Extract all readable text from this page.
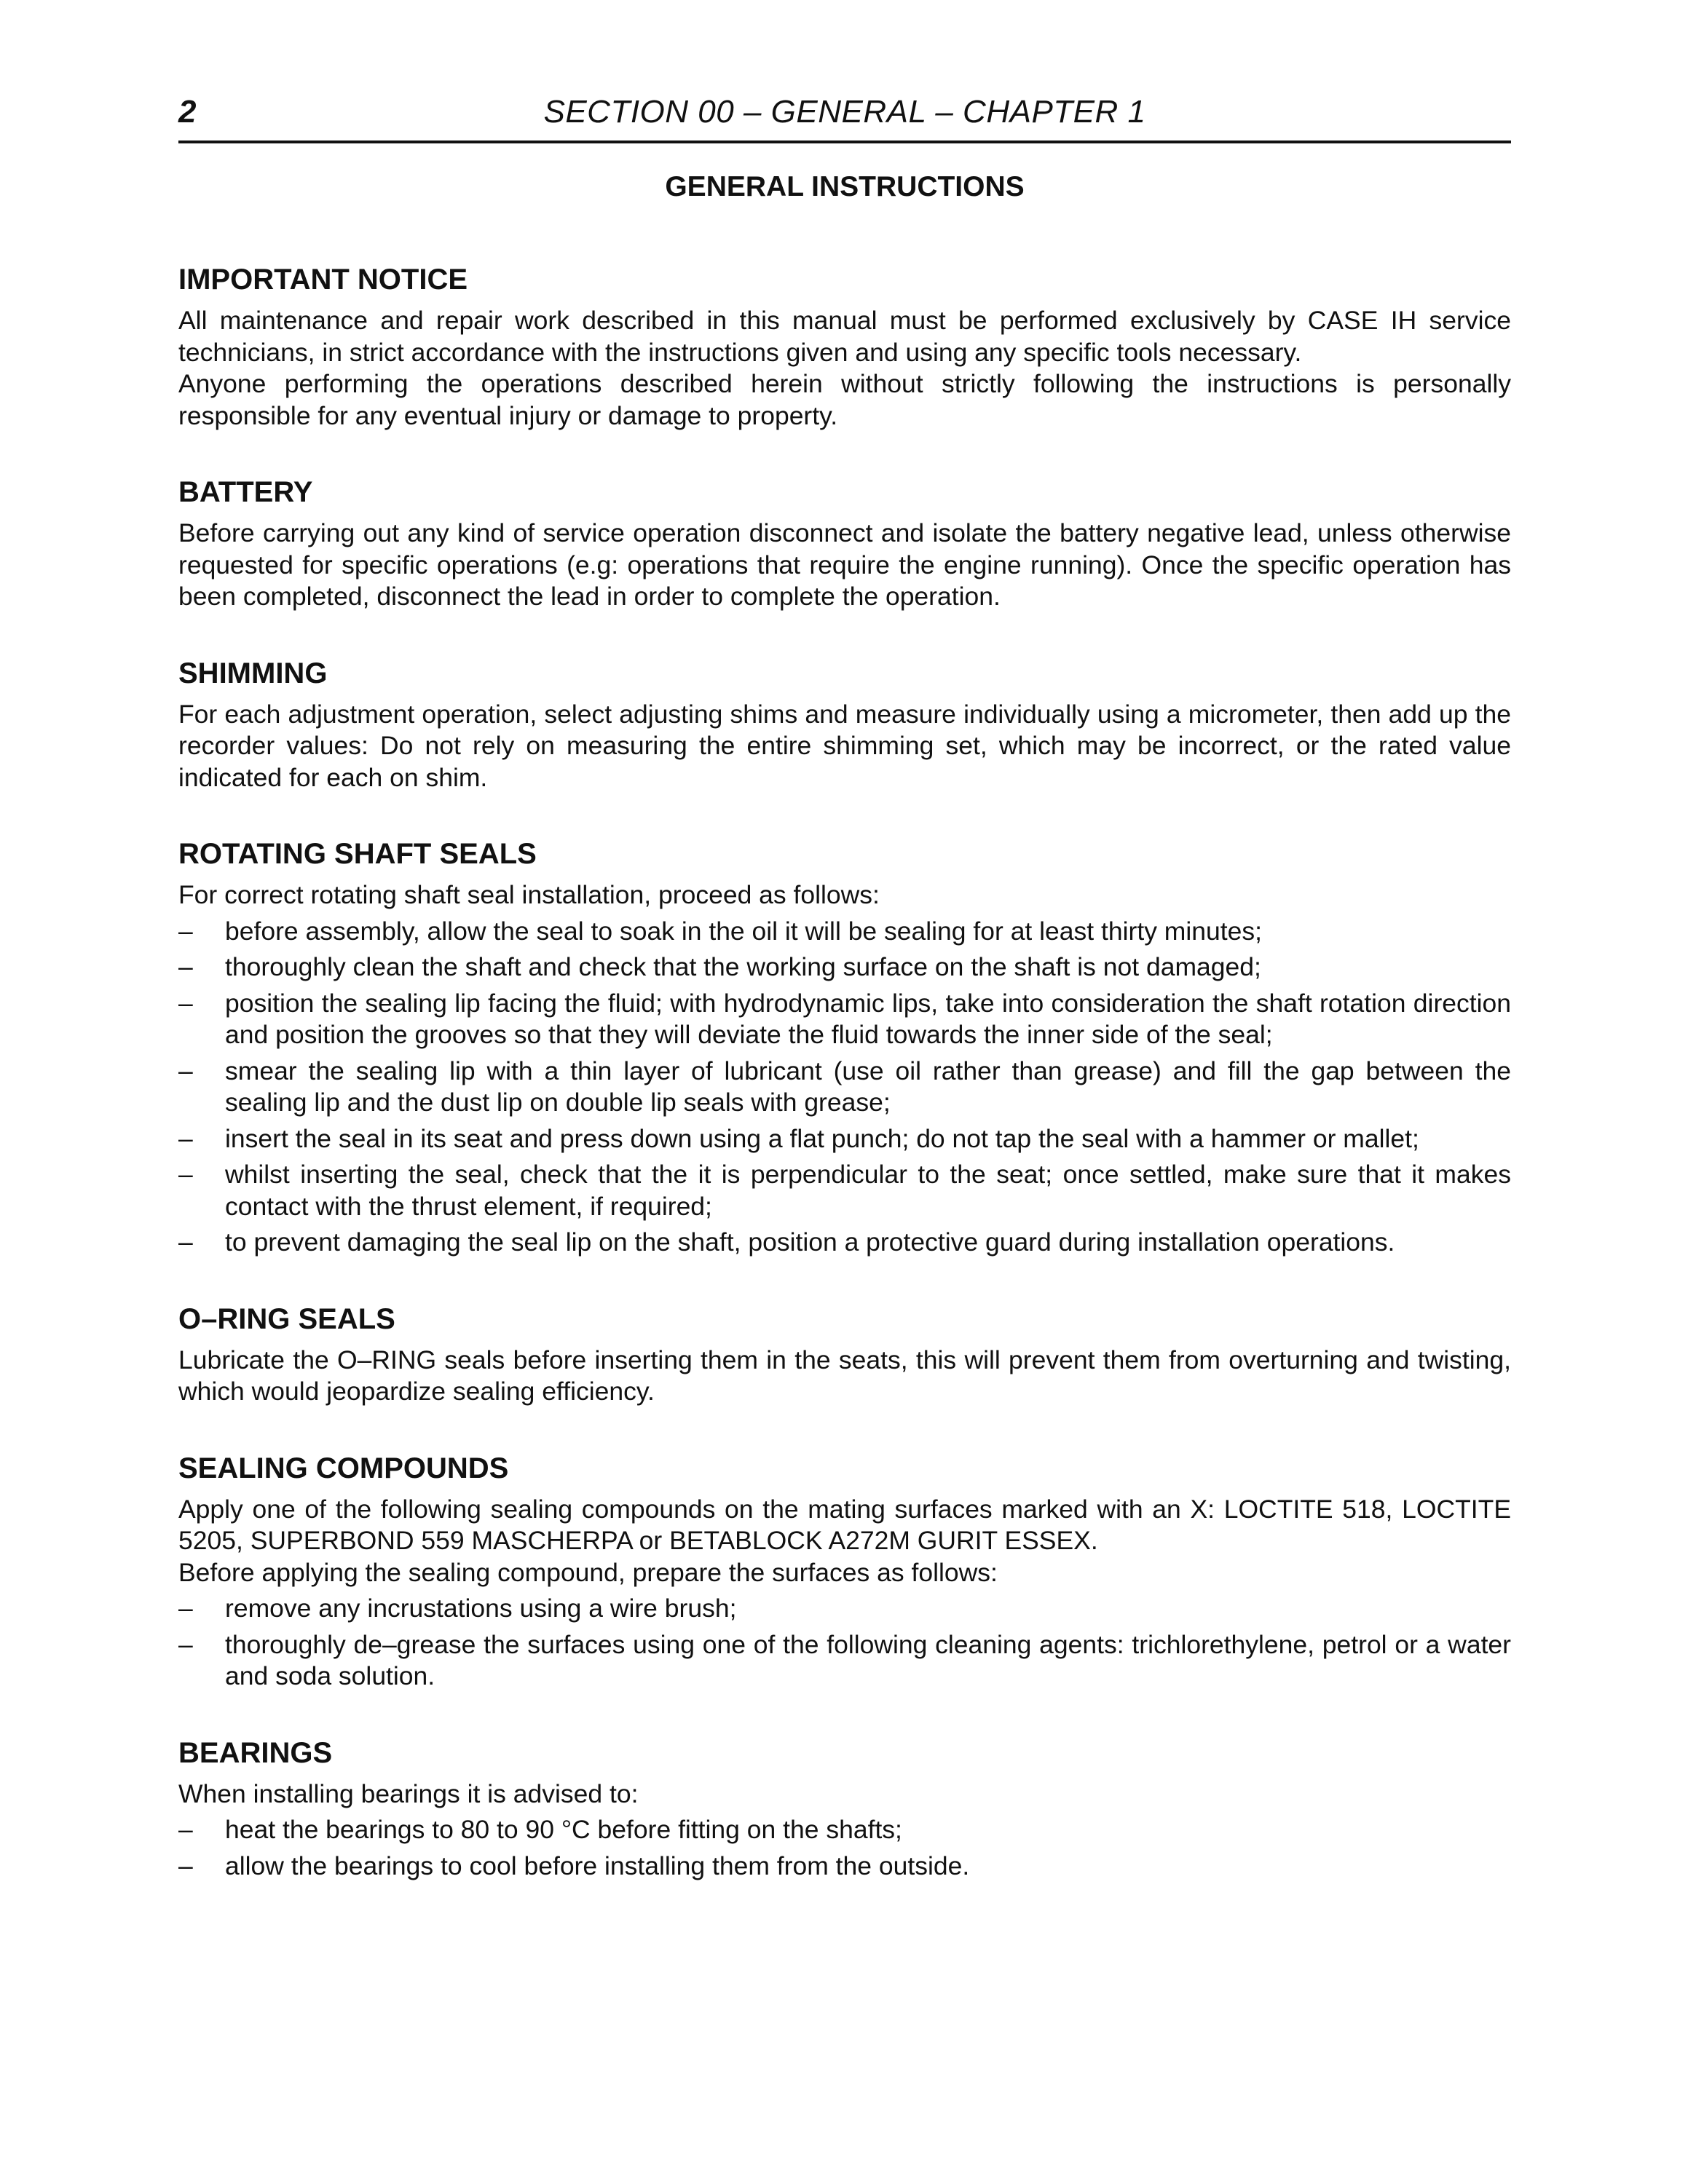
2	SECTION 00 – GENERAL – CHAPTER 1
GENERAL INSTRUCTIONS
IMPORTANT NOTICE

All maintenance and repair work described in this manual must be performed exclusively by CASE IH service technicians, in strict accordance with the instructions given and using any specific tools necessary.

Anyone performing the operations described herein without strictly following the instructions is personally responsible for any eventual injury or damage to property.

BATTERY

Before carrying out any kind of service operation disconnect and isolate the battery negative lead, unless otherwise requested for specific operations (e.g: operations that require the engine running). Once the specific operation has been completed, disconnect the lead in order to complete the operation.

SHIMMING

For each adjustment operation, select adjusting shims and measure individually using a micrometer, then add up the recorder values: Do not rely on measuring the entire shimming set, which may be incorrect, or the rated value indicated for each on shim.

ROTATING SHAFT SEALS

For correct rotating shaft seal installation, proceed as follows:

– before assembly, allow the seal to soak in the oil it will be sealing for at least thirty minutes;
– thoroughly clean the shaft and check that the working surface on the shaft is not damaged;
– position the sealing lip facing the fluid; with hydrodynamic lips, take into consideration the shaft rotation direction and position the grooves so that they will deviate the fluid towards the inner side of the seal;
– smear the sealing lip with a thin layer of lubricant (use oil rather than grease) and fill the gap between the sealing lip and the dust lip on double lip seals with grease;
– insert the seal in its seat and press down using a flat punch; do not tap the seal with a hammer or mallet;
– whilst inserting the seal, check that the it is perpendicular to the seat; once settled, make sure that it makes contact with the thrust element, if required;
– to prevent damaging the seal lip on the shaft, position a protective guard during installation operations.
O–RING SEALS

Lubricate the O–RING seals before inserting them in the seats, this will prevent them from overturning and twisting, which would jeopardize sealing efficiency.

SEALING COMPOUNDS

Apply one of the following sealing compounds on the mating surfaces marked with an X: LOCTITE 518, LOCTITE 5205, SUPERBOND 559 MASCHERPA or BETABLOCK A272M GURIT ESSEX.

Before applying the sealing compound, prepare the surfaces as follows:

– remove any incrustations using a wire brush;
– thoroughly de–grease the surfaces using one of the following cleaning agents: trichlorethylene, petrol or a water and soda solution.
BEARINGS

When installing bearings it is advised to:

– heat the bearings to 80 to 90 °C before fitting on the shafts;
– allow the bearings to cool before installing them from the outside.
